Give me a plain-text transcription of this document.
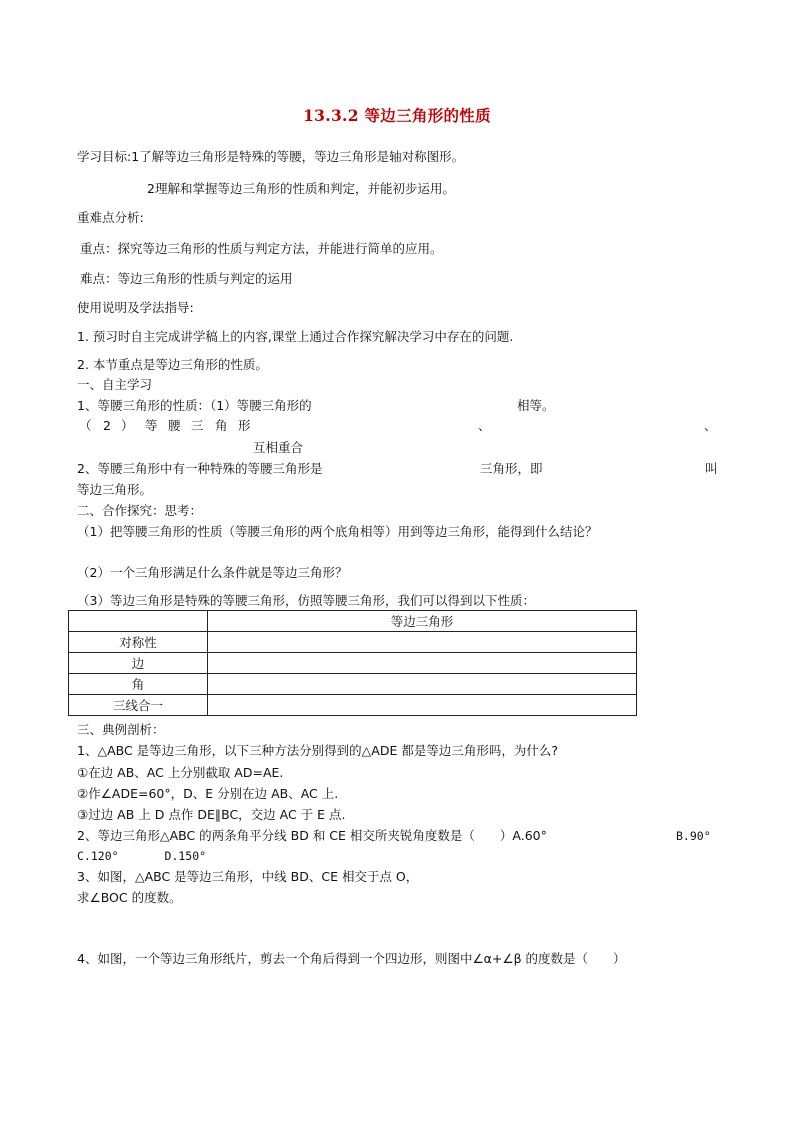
13.3.2 等边三角形的性质
学习目标:1了解等边三角形是特殊的等腰，等边三角形是轴对称图形。
2理解和掌握等边三角形的性质和判定，并能初步运用。
重难点分析:
重点：探究等边三角形的性质与判定方法，并能进行简单的应用。
难点：等边三角形的性质与判定的运用
使用说明及学法指导:
1. 预习时自主完成讲学稿上的内容,课堂上通过合作探究解决学习中存在的问题.
2. 本节重点是等边三角形的性质。
一、自主学习
1、等腰三角形的性质：（1）等腰三角形的	相等。
（ 2 ） 等 腰 三 角 形	、	、
互相重合
2、等腰三角形中有一种特殊的等腰三角形是	三角形，即	叫
等边三角形。
二、合作探究：思考：
（1）把等腰三角形的性质（等腰三角形的两个底角相等）用到等边三角形，能得到什么结论？
（2）一个三角形满足什么条件就是等边三角形？
（3）等边三角形是特殊的等腰三角形，仿照等腰三角形，我们可以得到以下性质：
	等边三角形
对称性	
边	
角	
三线合一	
三、典例剖析：
1、△ABC 是等边三角形，以下三种方法分别得到的△ADE 都是等边三角形吗，为什么?
①在边 AB、AC 上分别截取 AD=AE.
②作∠ADE=60°，D、E 分别在边 AB、AC 上.
③过边 AB 上 D 点作 DE∥BC，交边 AC 于 E 点.
2、等边三角形△ABC 的两条角平分线 BD 和 CE 相交所夹锐角度数是（　　）A.60°	B.90°
C.120°　　　　D.150°
3、如图，△ABC 是等边三角形，中线 BD、CE 相交于点 O，
求∠BOC 的度数。
4、如图，一个等边三角形纸片，剪去一个角后得到一个四边形，则图中∠α+∠β 的度数是（　　）
